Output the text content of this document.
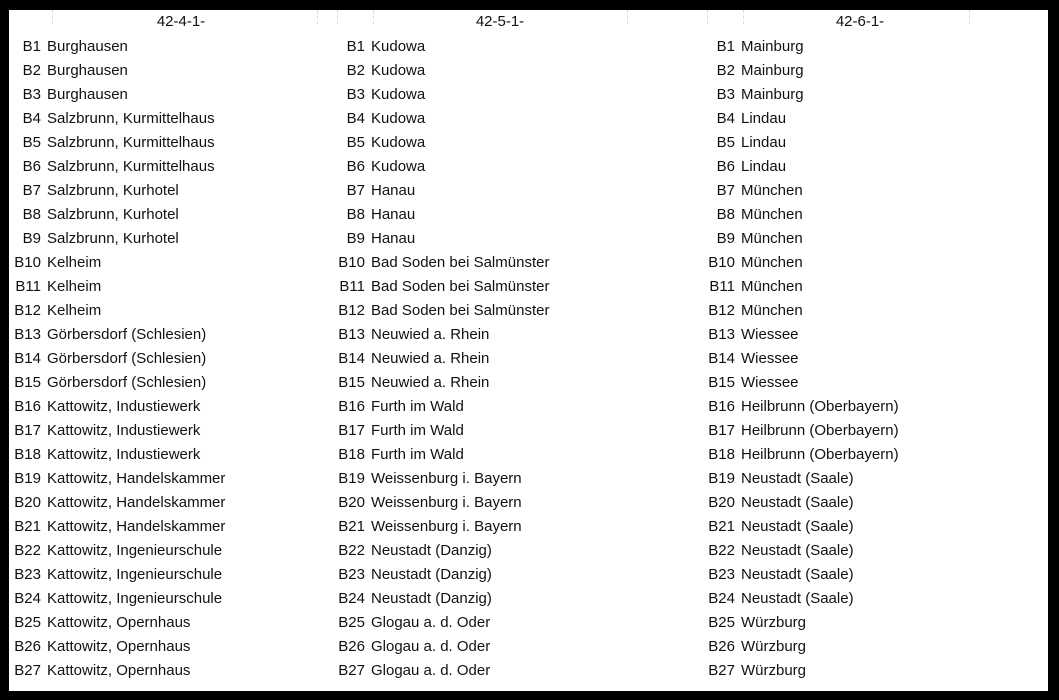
42-4-1-
B1 Burghausen
B2 Burghausen
B3 Burghausen
B4 Salzbrunn, Kurmittelhaus
B5 Salzbrunn, Kurmittelhaus
B6 Salzbrunn, Kurmittelhaus
B7 Salzbrunn, Kurhotel
B8 Salzbrunn, Kurhotel
B9 Salzbrunn, Kurhotel
B10 Kelheim
B11 Kelheim
B12 Kelheim
B13 Görbersdorf (Schlesien)
B14 Görbersdorf (Schlesien)
B15 Görbersdorf (Schlesien)
B16 Kattowitz, Industiewerk
B17 Kattowitz, Industiewerk
B18 Kattowitz, Industiewerk
B19 Kattowitz, Handelskammer
B20 Kattowitz, Handelskammer
B21 Kattowitz, Handelskammer
B22 Kattowitz, Ingenieurschule
B23 Kattowitz, Ingenieurschule
B24 Kattowitz, Ingenieurschule
B25 Kattowitz, Opernhaus
B26 Kattowitz, Opernhaus
B27 Kattowitz, Opernhaus
42-5-1-
B1 Kudowa
B2 Kudowa
B3 Kudowa
B4 Kudowa
B5 Kudowa
B6 Kudowa
B7 Hanau
B8 Hanau
B9 Hanau
B10 Bad Soden bei Salmünster
B11 Bad Soden bei Salmünster
B12 Bad Soden bei Salmünster
B13 Neuwied a. Rhein
B14 Neuwied a. Rhein
B15 Neuwied a. Rhein
B16 Furth im Wald
B17 Furth im Wald
B18 Furth im Wald
B19 Weissenburg i. Bayern
B20 Weissenburg i. Bayern
B21 Weissenburg i. Bayern
B22 Neustadt (Danzig)
B23 Neustadt (Danzig)
B24 Neustadt (Danzig)
B25 Glogau a. d. Oder
B26 Glogau a. d. Oder
B27 Glogau a. d. Oder
42-6-1-
B1 Mainburg
B2 Mainburg
B3 Mainburg
B4 Lindau
B5 Lindau
B6 Lindau
B7 München
B8 München
B9 München
B10 München
B11 München
B12 München
B13 Wiessee
B14 Wiessee
B15 Wiessee
B16 Heilbrunn (Oberbayern)
B17 Heilbrunn (Oberbayern)
B18 Heilbrunn (Oberbayern)
B19 Neustadt (Saale)
B20 Neustadt (Saale)
B21 Neustadt (Saale)
B22 Neustadt (Saale)
B23 Neustadt (Saale)
B24 Neustadt (Saale)
B25 Würzburg
B26 Würzburg
B27 Würzburg
